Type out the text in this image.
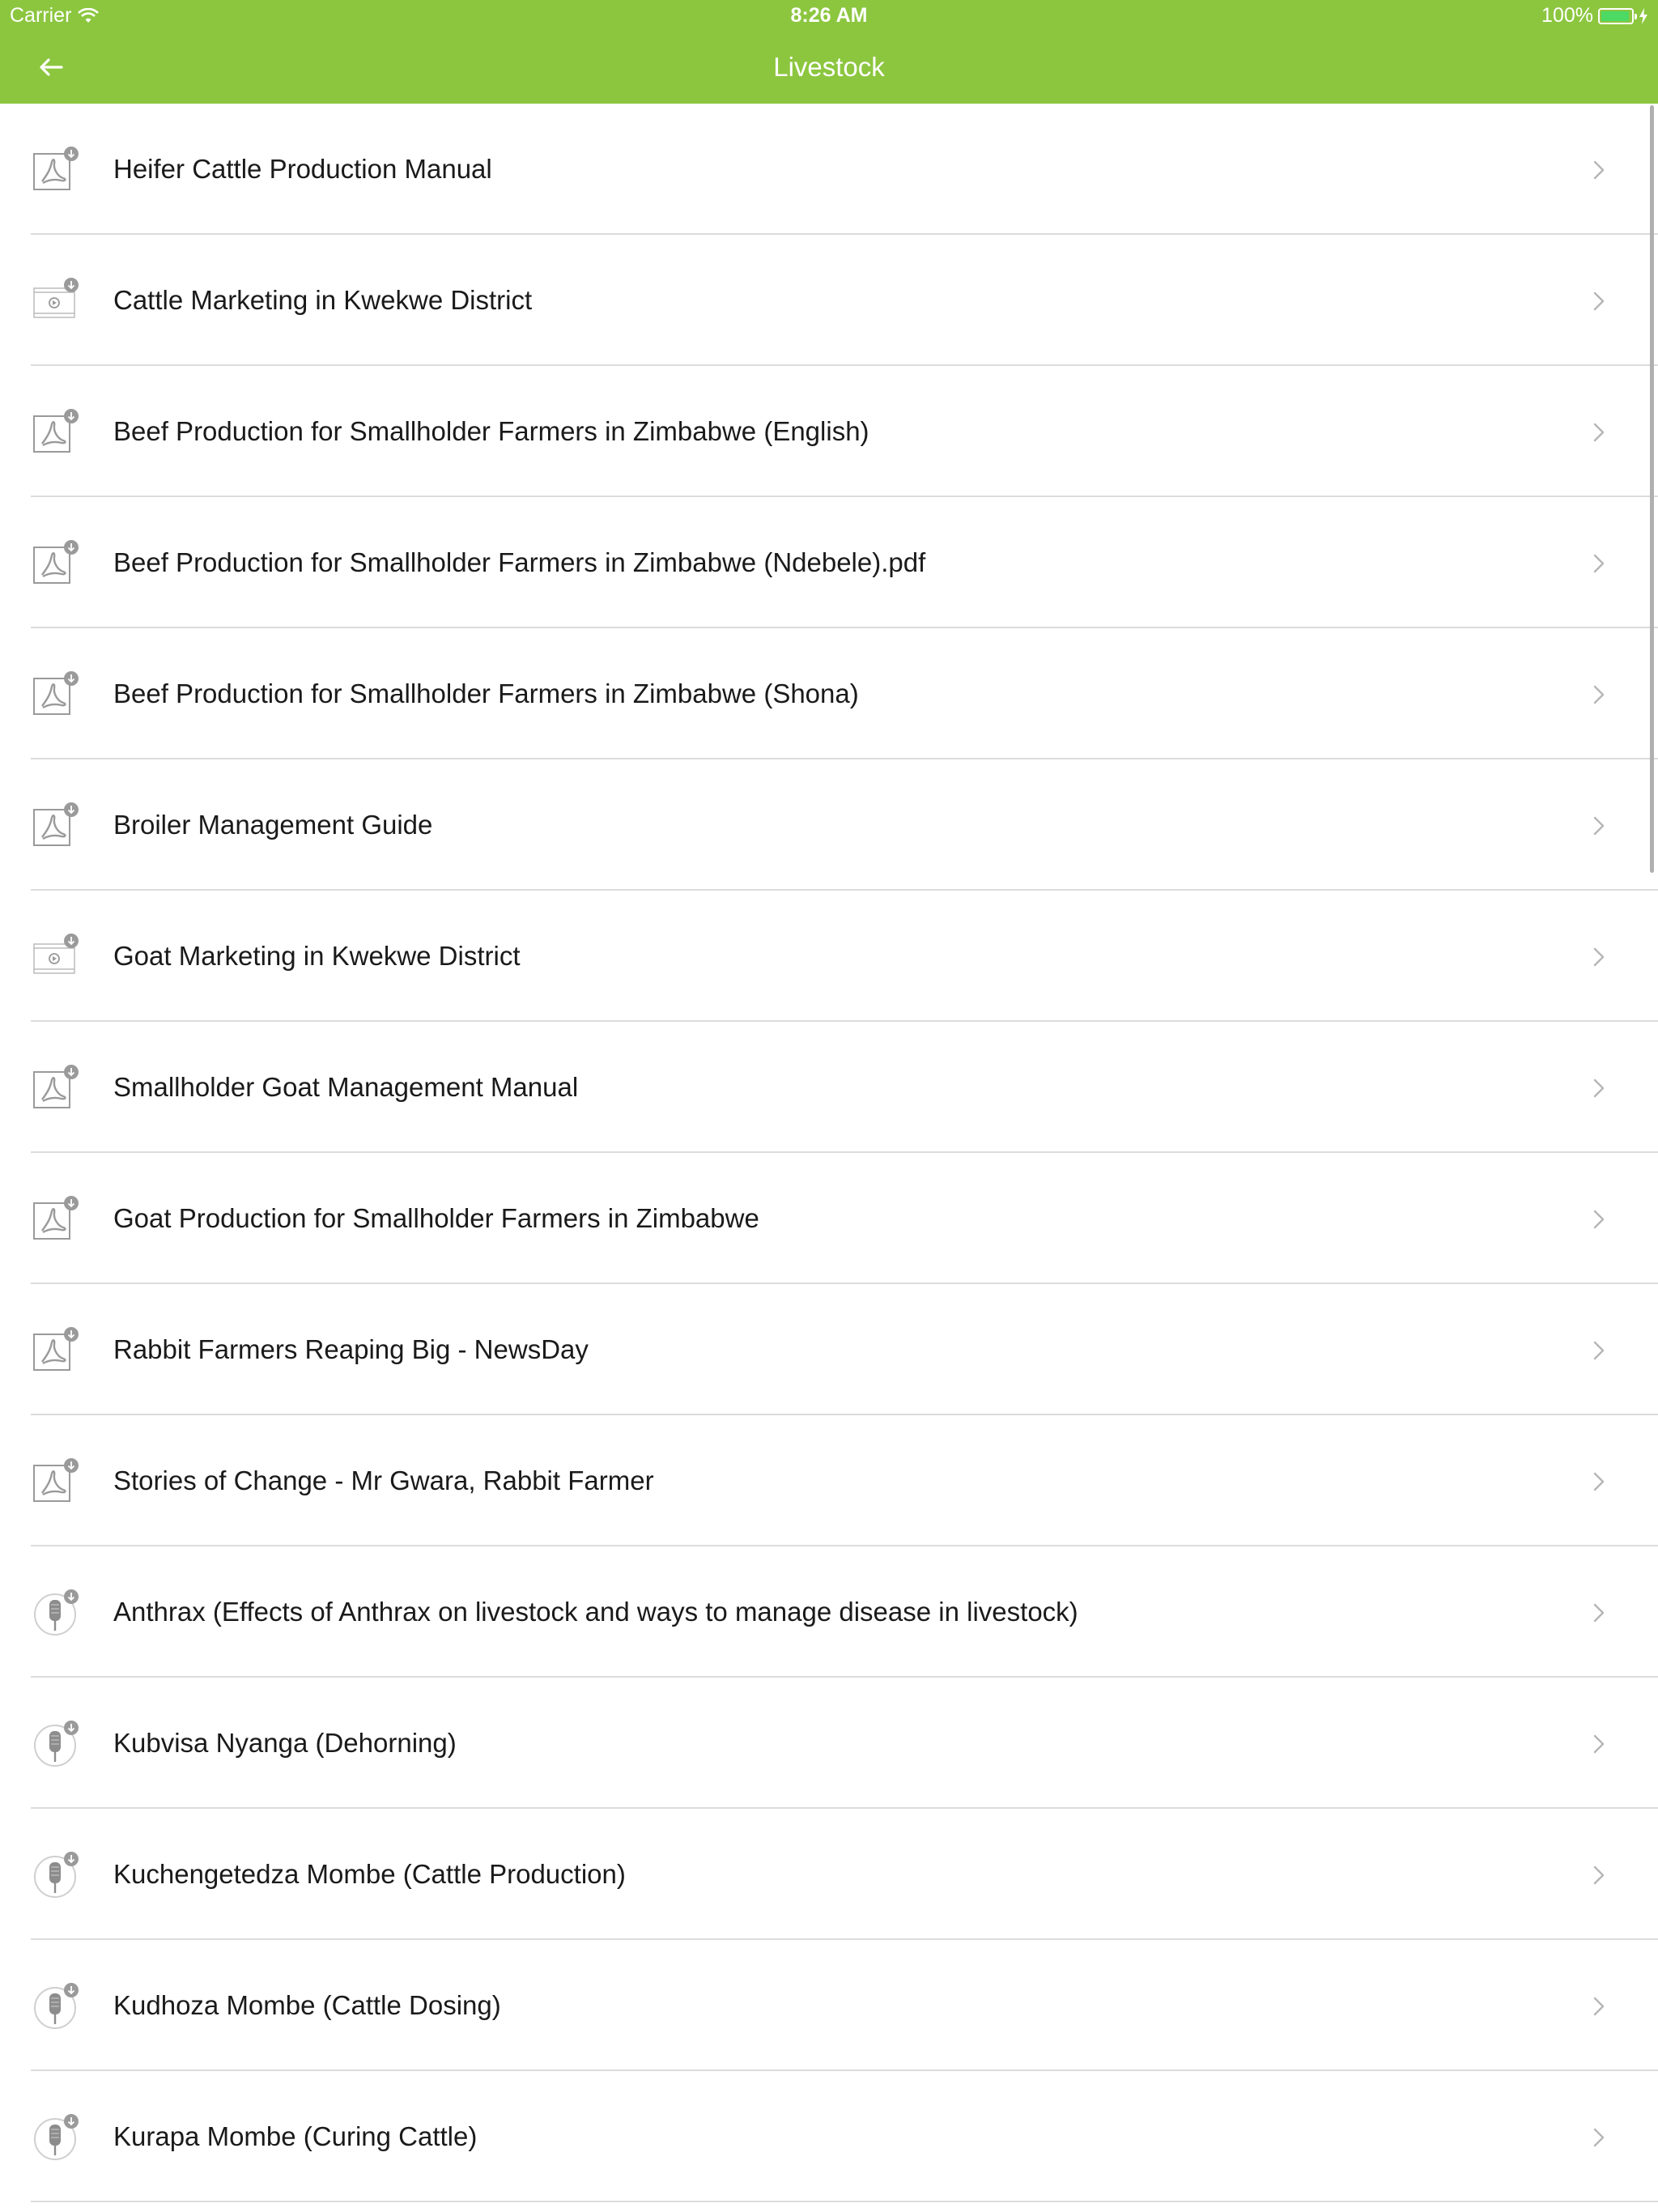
Carrier	8:26 AM	100%
Livestock
Heifer Cattle Production Manual
Cattle Marketing in Kwekwe District
Beef Production for Smallholder Farmers in Zimbabwe (English)
Beef Production for Smallholder Farmers in Zimbabwe (Ndebele).pdf
Beef Production for Smallholder Farmers in Zimbabwe (Shona)
Broiler Management Guide
Goat Marketing in Kwekwe District
Smallholder Goat Management Manual
Goat Production for Smallholder Farmers in Zimbabwe
Rabbit Farmers Reaping Big - NewsDay
Stories of Change - Mr Gwara, Rabbit Farmer
Anthrax (Effects of Anthrax on livestock and ways to manage disease in livestock)
Kubvisa Nyanga (Dehorning)
Kuchengetedza Mombe (Cattle Production)
Kudhoza Mombe (Cattle Dosing)
Kurapa Mombe (Curing Cattle)
